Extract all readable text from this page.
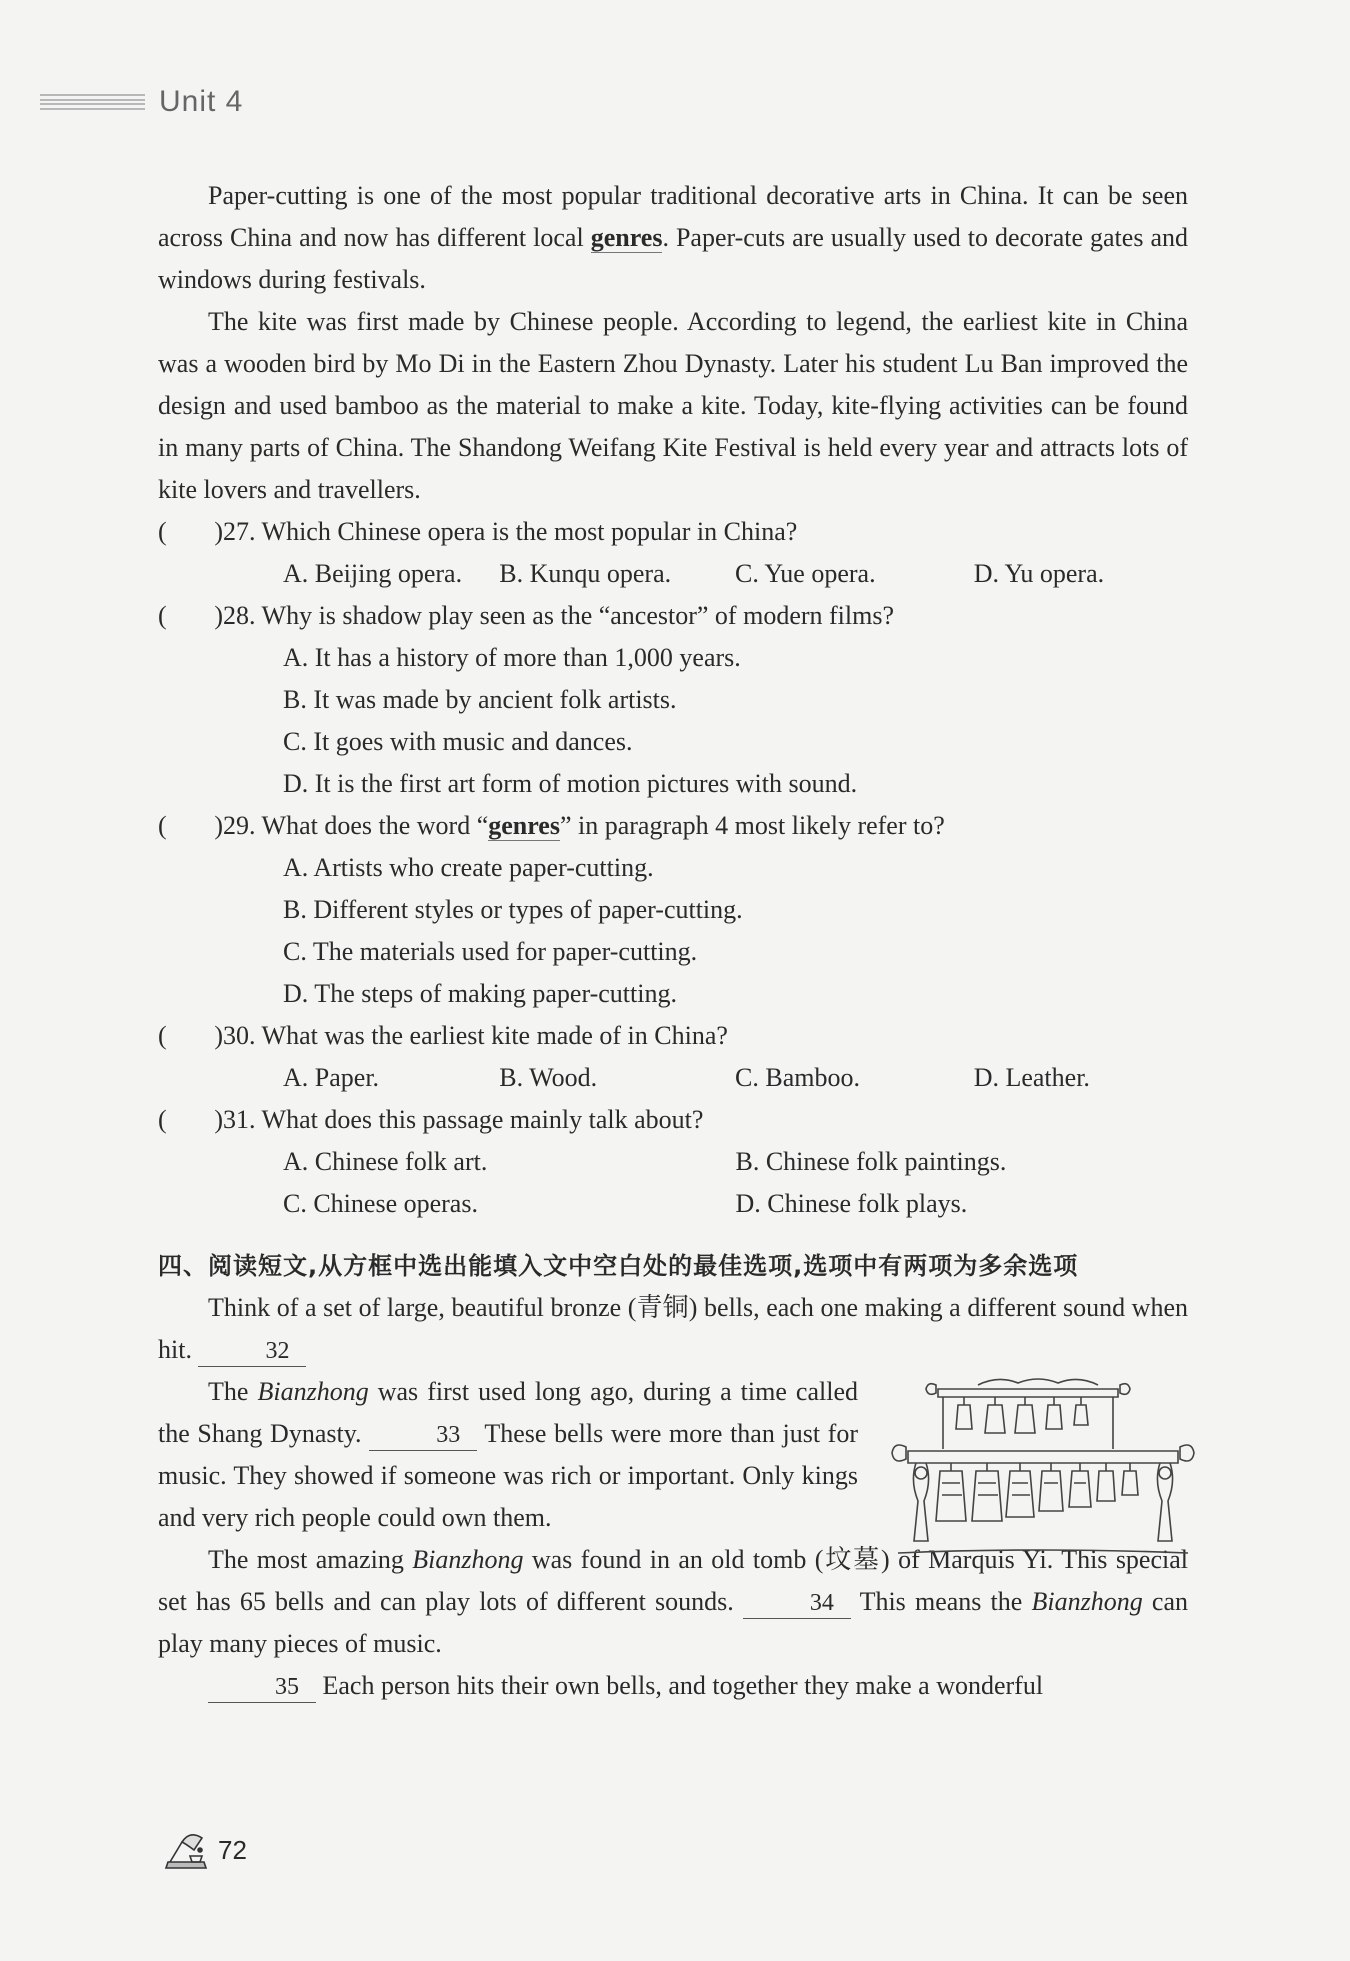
Unit 4

Paper-cutting is one of the most popular traditional decorative arts in China. It can be seen across China and now has different local genres. Paper-cuts are usually used to decorate gates and windows during festivals.

The kite was first made by Chinese people. According to legend, the earliest kite in China was a wooden bird by Mo Di in the Eastern Zhou Dynasty. Later his student Lu Ban improved the design and used bamboo as the material to make a kite. Today, kite-flying activities can be found in many parts of China. The Shandong Weifang Kite Festival is held every year and attracts lots of kite lovers and travellers.

( ) 27. Which Chinese opera is the most popular in China?
A. Beijing opera.	B. Kunqu opera.	C. Yue opera.	D. Yu opera.
( ) 28. Why is shadow play seen as the “ancestor” of modern films?
A. It has a history of more than 1,000 years.
B. It was made by ancient folk artists.
C. It goes with music and dances.
D. It is the first art form of motion pictures with sound.
( ) 29. What does the word “genres” in paragraph 4 most likely refer to?
A. Artists who create paper-cutting.
B. Different styles or types of paper-cutting.
C. The materials used for paper-cutting.
D. The steps of making paper-cutting.
( ) 30. What was the earliest kite made of in China?
A. Paper.	B. Wood.	C. Bamboo.	D. Leather.
( ) 31. What does this passage mainly talk about?
A. Chinese folk art.	B. Chinese folk paintings.
C. Chinese operas.	D. Chinese folk plays.
四、阅读短文,从方框中选出能填入文中空白处的最佳选项,选项中有两项为多余选项

Think of a set of large, beautiful bronze (青铜) bells, each one making a different sound when hit.	32

The Bianzhong was first used long ago, during a time called the Shang Dynasty.	33 These bells were more than just for music. They showed if someone was rich or important. Only kings and very rich people could own them.

The most amazing Bianzhong was found in an old tomb (坟墓) of Marquis Yi. This special set has 65 bells and can play lots of different sounds.	34 This means the Bianzhong can play many pieces of music.

35 Each person hits their own bells, and together they make a wonderful

72
